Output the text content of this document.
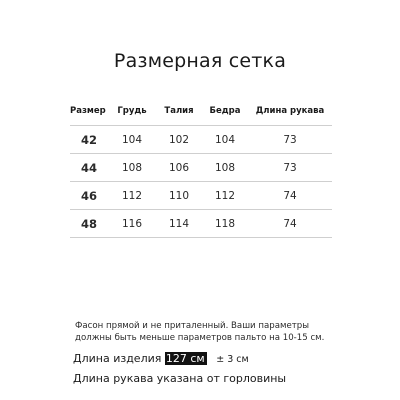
Размерная сетка
Размер	Грудь	Талия	Бедра	Длина рукава
42	104	102	104	73
44	108	106	108	73
46	112	110	112	74
48	116	114	118	74
Фасон прямой и не приталенный. Ваши параметры
должны быть меньше параметров пальто на 10-15 см.
Длина изделия 127 см ± 3 см
Длина рукава указана от горловины
